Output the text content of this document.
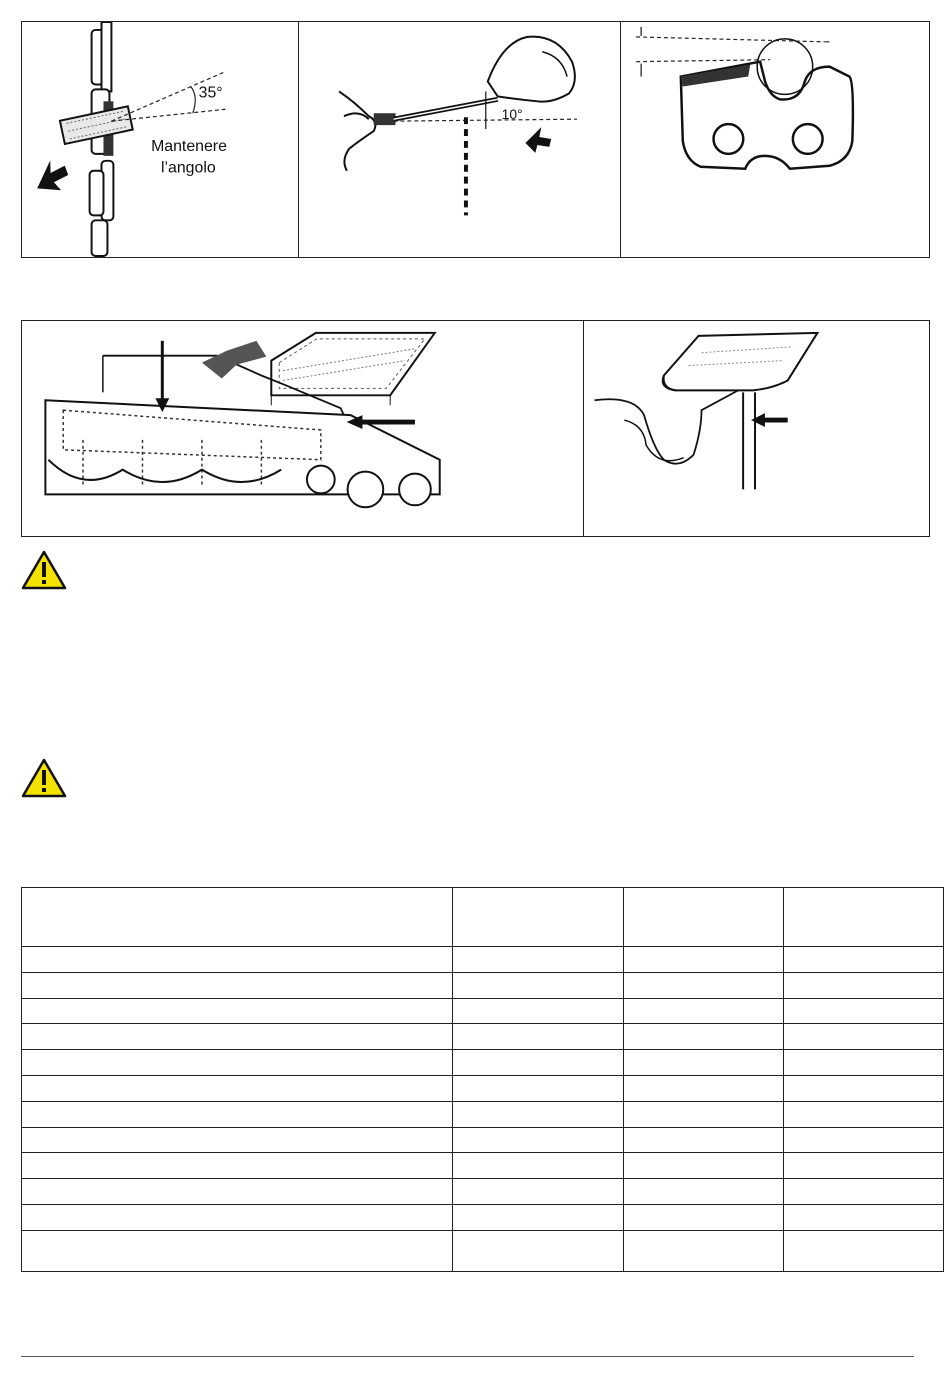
35°
Mantenere
l’angolo
10°
